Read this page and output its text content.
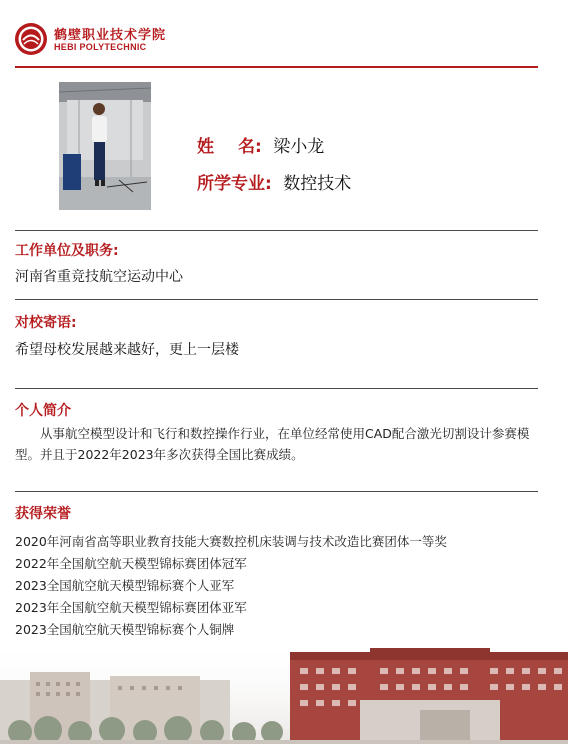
鹤壁职业技术学院
HEBI POLYTECHNIC
姓名: 梁小龙
所学专业: 数控技术
工作单位及职务:
河南省重竞技航空运动中心
对校寄语:
希望母校发展越来越好，更上一层楼
个人简介
从事航空模型设计和飞行和数控操作行业，在单位经常使用CAD配合激光切割设计参赛模型。并且于2022年2023年多次获得全国比赛成绩。
获得荣誉
2020年河南省高等职业教育技能大赛数控机床装调与技术改造比赛团体一等奖
2022年全国航空航天模型锦标赛团体冠军
2023全国航空航天模型锦标赛个人亚军
2023年全国航空航天模型锦标赛团体亚军
2023全国航空航天模型锦标赛个人铜牌
